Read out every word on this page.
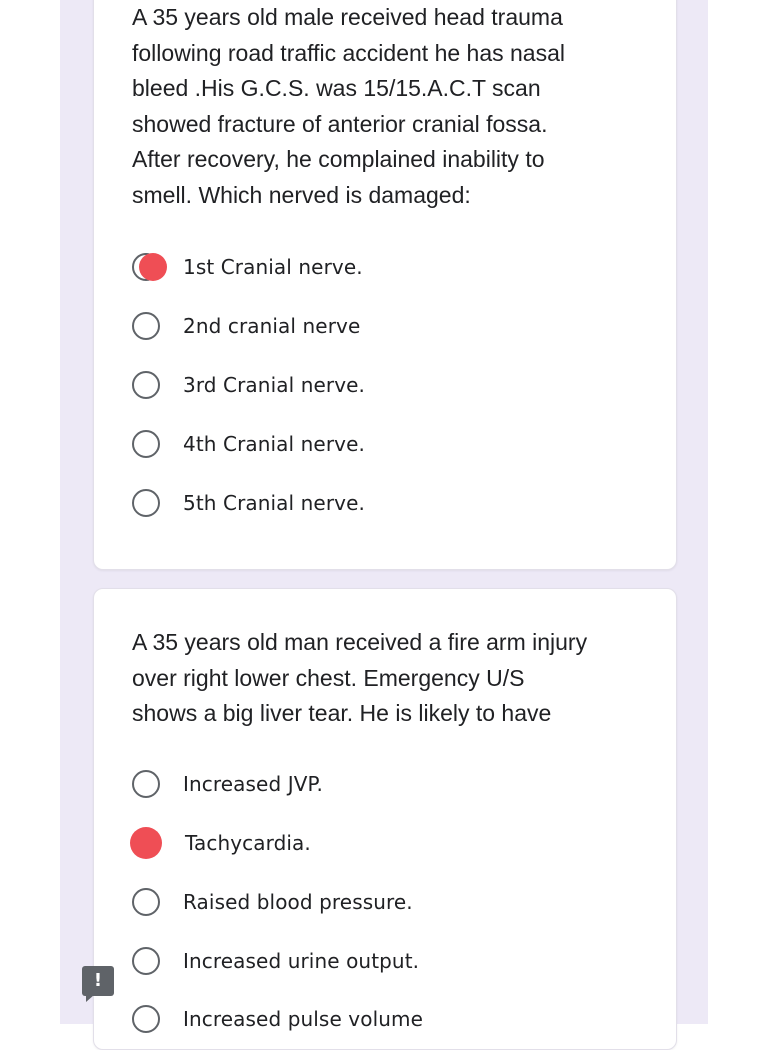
A 35 years old male received head trauma
following road traffic accident he has nasal
bleed .His G.C.S. was 15/15.A.C.T scan
showed fracture of anterior cranial fossa.
After recovery, he complained inability to
smell. Which nerved is damaged:

1st Cranial nerve.
2nd cranial nerve
3rd Cranial nerve.
4th Cranial nerve.
5th Cranial nerve.

A 35 years old man received a fire arm injury
over right lower chest. Emergency U/S
shows a big liver tear. He is likely to have

Increased JVP.
Tachycardia.
Raised blood pressure.
Increased urine output.
Increased pulse volume
!
